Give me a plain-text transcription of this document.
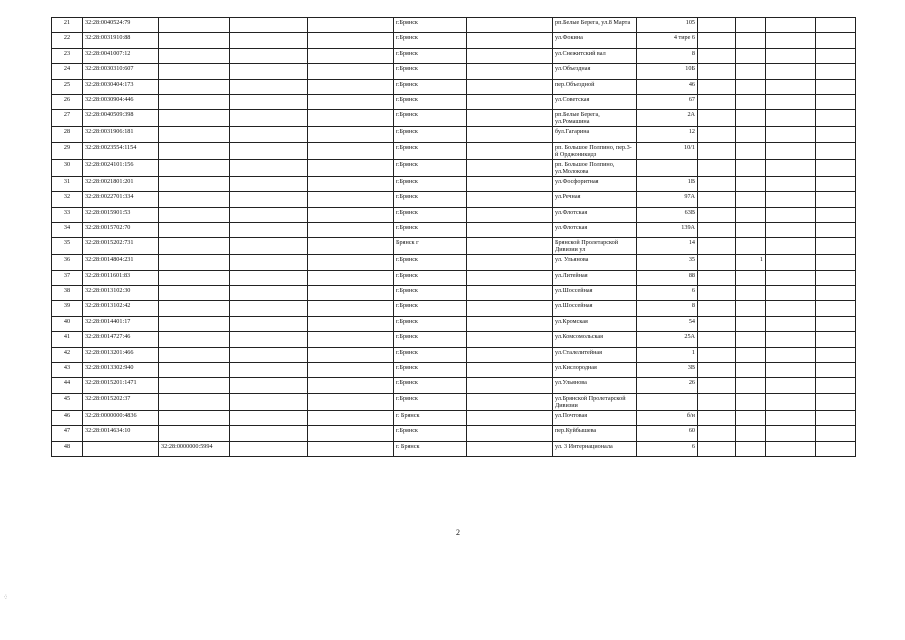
21	32:28:0040524:79				г.Брянск		рп.Белые Берега, ул.8 Марта	105				
22	32:28:0031910:88				г.Брянск		ул.Фокина	4 тире 6				
23	32:28:0041007:12				г.Брянск		ул.Снежитский вал	8				
24	32:28:0030310:607				г.Брянск		ул.Объездная	10Б				
25	32:28:0030404:173				г.Брянск		пер.Объездной	46				
26	32:28:0030904:446				г.Брянск		ул.Советская	67				
27	32:28:0040509:398				г.Брянск		рп.Белые Берега, ул.Ромашина	2А				
28	32:28:0031906:181				г.Брянск		бул.Гагарина	12				
29	32:28:0023554:1154				г.Брянск		рп. Большое Полпино, пер.3-й Орджоникидз	10/1				
30	32:28:0024101:156				г.Брянск		рп. Большое Полпино, ул.Молокова					
31	32:28:0021801:201				г.Брянск		ул.Фосфоритная	1В				
32	32:28:0022701:334				г.Брянск		ул.Речная	97А				
33	32:28:0015901:53				г.Брянск		ул.Флотская	63В				
34	32:28:0015702:70				г.Брянск		ул.Флотская	139А				
35	32:28:0015202:731				Брянск г		Брянской Пролетарской Дивизии ул	14				
36	32:28:0014804:231				г.Брянск		ул. Ульянова	35		1		
37	32:28:0011601:83				г.Брянск		ул.Литейная	88				
38	32:28:0013102:30				г.Брянск		ул.Шоссейная	6				
39	32:28:0013102:42				г.Брянск		ул.Шоссейная	8				
40	32:28:0014401:17				г.Брянск		ул.Кромская	54				
41	32:28:0014727:46				г.Брянск		ул.Комсомольская	25А				
42	32:28:0013201:466				г.Брянск		ул.Сталелитейная	1				
43	32:28:0013302:940				г.Брянск		ул.Кислородная	3В				
44	32:28:0015201:1471				г.Брянск		ул.Ульянова	26				
45	32:28:0015202:37				г.Брянск		ул.Брянской Пролетарской Дивизии					
46	32:28:0000000:4836				г. Брянск		ул.Почтовая	б/н				
47	32:28:0014634:10				г.Брянск		пер.Куйбышева	60				
48		32:28:0000000:5994			г. Брянск		ул. 3 Интернационала	6				
2
·:·
